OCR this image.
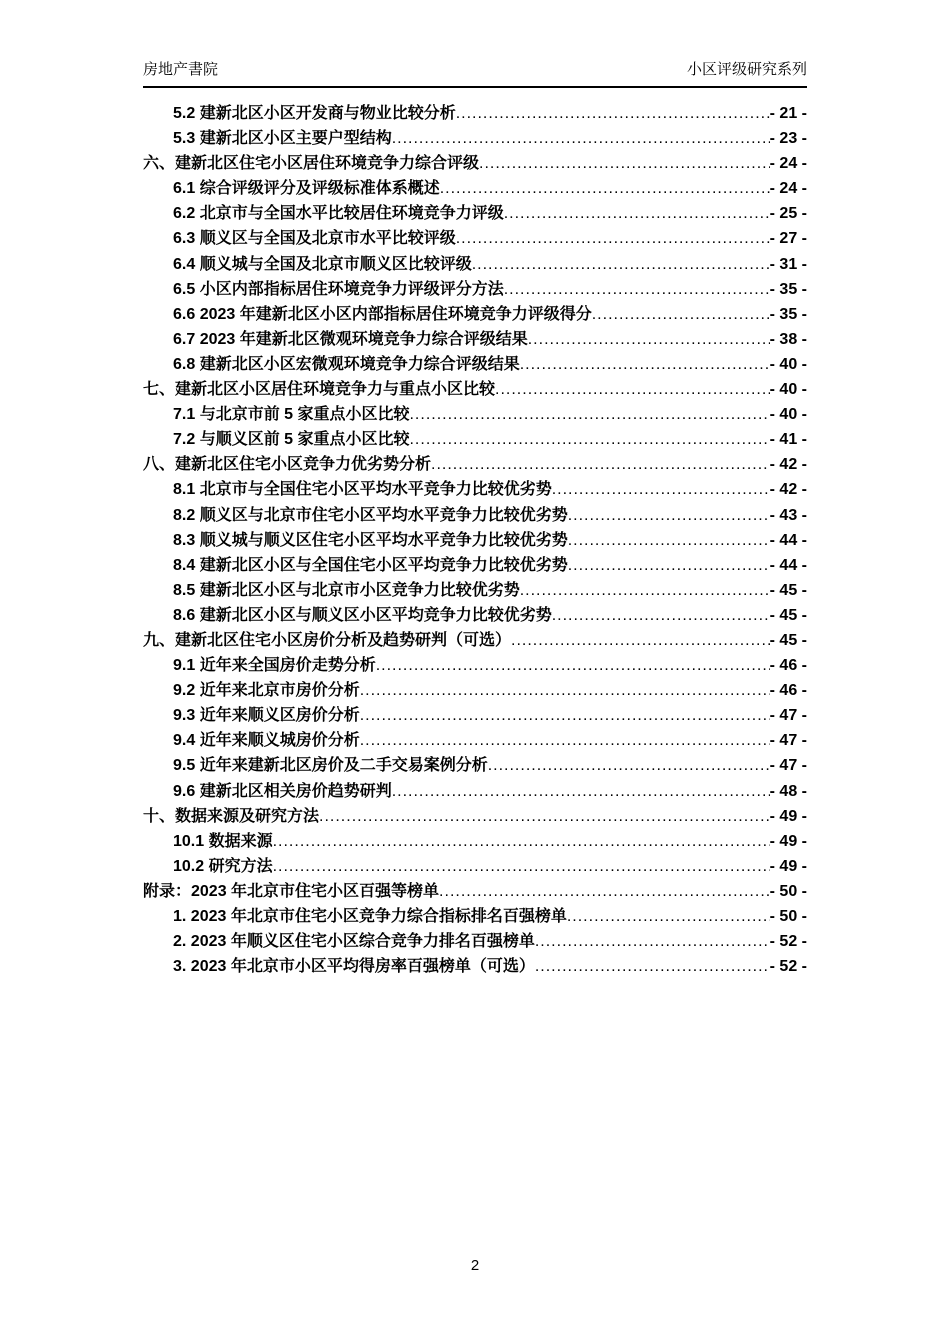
房地产書院	小区评级研究系列
5.2 建新北区小区开发商与物业比较分析 .....	- 21 -
5.3 建新北区小区主要户型结构 .....	- 23 -
六、建新北区住宅小区居住环境竞争力综合评级 .....	- 24 -
6.1 综合评级评分及评级标准体系概述 .....	- 24 -
6.2 北京市与全国水平比较居住环境竞争力评级 .....	- 25 -
6.3 顺义区与全国及北京市水平比较评级 .....	- 27 -
6.4 顺义城与全国及北京市顺义区比较评级 .....	- 31 -
6.5 小区内部指标居住环境竞争力评级评分方法 .....	- 35 -
6.6 2023 年建新北区小区内部指标居住环境竞争力评级得分 .....	- 35 -
6.7 2023 年建新北区微观环境竞争力综合评级结果 .....	- 38 -
6.8 建新北区小区宏微观环境竞争力综合评级结果 .....	- 40 -
七、建新北区小区居住环境竞争力与重点小区比较 .....	- 40 -
7.1 与北京市前 5 家重点小区比较 .....	- 40 -
7.2 与顺义区前 5 家重点小区比较 .....	- 41 -
八、建新北区住宅小区竞争力优劣势分析 .....	- 42 -
8.1 北京市与全国住宅小区平均水平竞争力比较优劣势 .....	- 42 -
8.2 顺义区与北京市住宅小区平均水平竞争力比较优劣势 .....	- 43 -
8.3 顺义城与顺义区住宅小区平均水平竞争力比较优劣势 .....	- 44 -
8.4 建新北区小区与全国住宅小区平均竞争力比较优劣势 .....	- 44 -
8.5 建新北区小区与北京市小区竞争力比较优劣势 .....	- 45 -
8.6 建新北区小区与顺义区小区平均竞争力比较优劣势 .....	- 45 -
九、建新北区住宅小区房价分析及趋势研判（可选） .....	- 45 -
9.1 近年来全国房价走势分析 .....	- 46 -
9.2 近年来北京市房价分析 .....	- 46 -
9.3 近年来顺义区房价分析 .....	- 47 -
9.4 近年来顺义城房价分析 .....	- 47 -
9.5 近年来建新北区房价及二手交易案例分析 .....	- 47 -
9.6 建新北区相关房价趋势研判 .....	- 48 -
十、数据来源及研究方法 .....	- 49 -
10.1 数据来源 .....	- 49 -
10.2 研究方法 .....	- 49 -
附录：2023 年北京市住宅小区百强等榜单 .....	- 50 -
1. 2023 年北京市住宅小区竞争力综合指标排名百强榜单 .....	- 50 -
2. 2023 年顺义区住宅小区综合竞争力排名百强榜单 .....	- 52 -
3. 2023 年北京市小区平均得房率百强榜单（可选） .....	- 52 -
2
